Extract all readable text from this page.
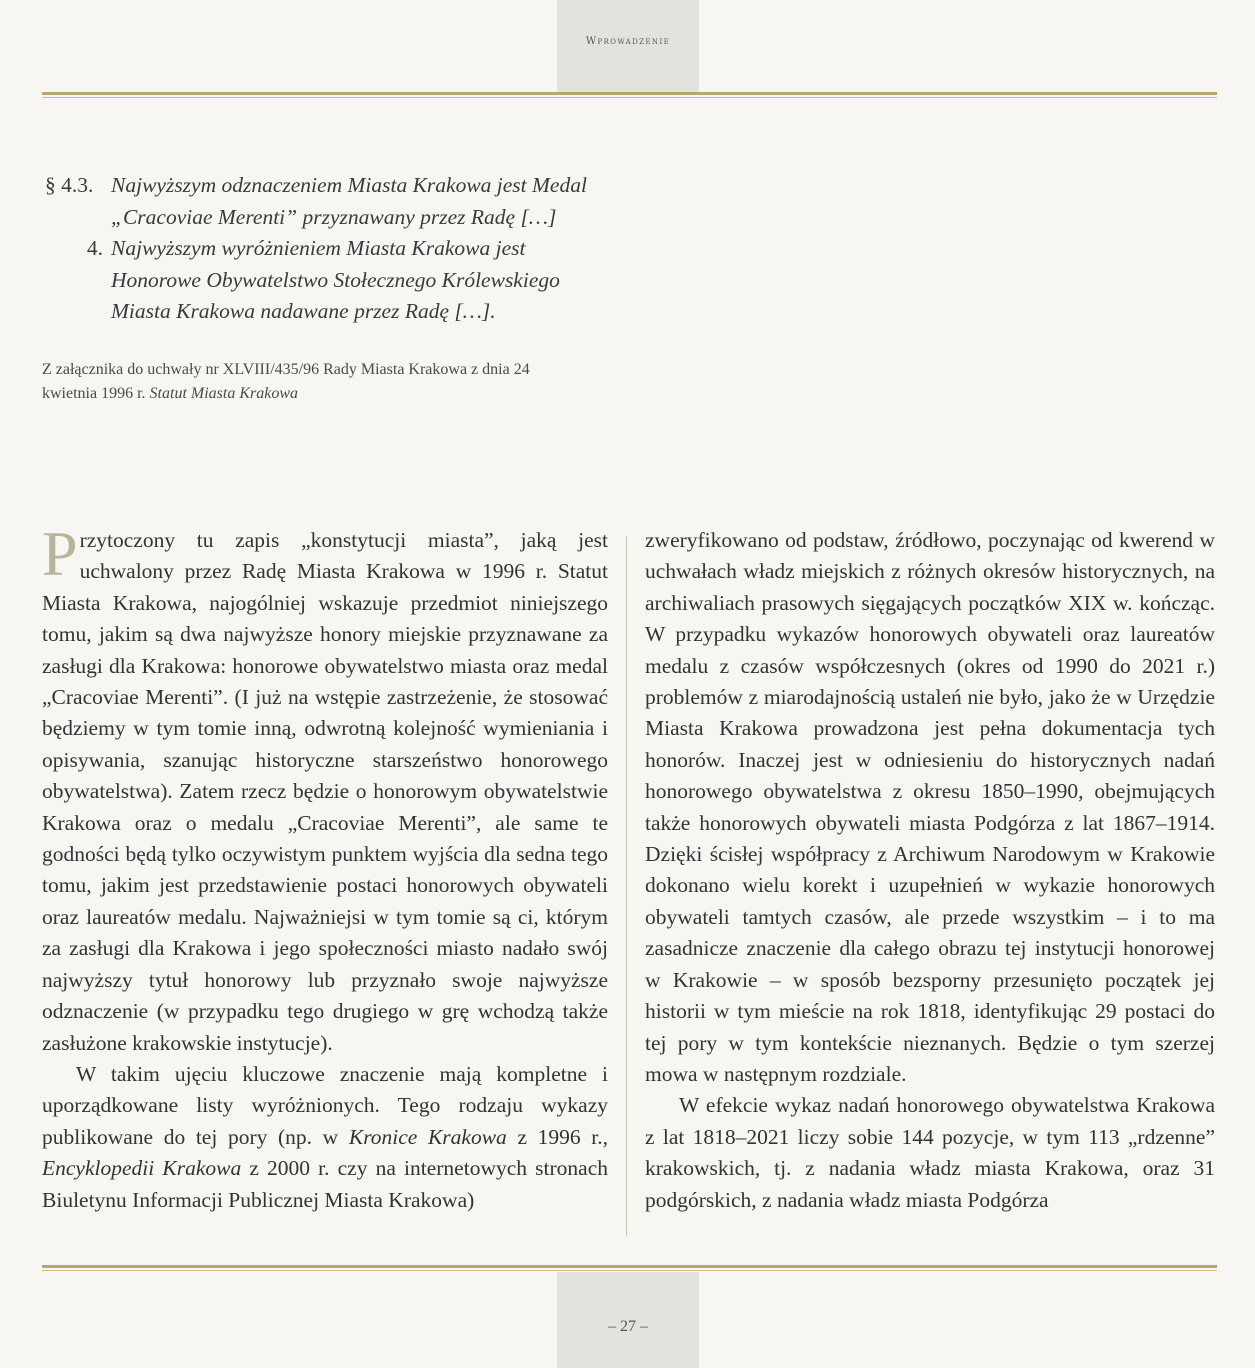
Wprowadzenie
§ 4.3. Najwyższym odznaczeniem Miasta Krakowa jest Medal „Cracoviae Merenti” przyznawany przez Radę […]
4. Najwyższym wyróżnieniem Miasta Krakowa jest Honorowe Obywatelstwo Stołecznego Królewskiego Miasta Krakowa nadawane przez Radę […].
Z załącznika do uchwały nr XLVIII/435/96 Rady Miasta Krakowa z dnia 24 kwietnia 1996 r. Statut Miasta Krakowa

Przytoczony tu zapis „konstytucji miasta”, jaką jest uchwalony przez Radę Miasta Krakowa w 1996 r. Statut Miasta Krakowa, najogólniej wskazuje przedmiot niniejszego tomu, jakim są dwa najwyższe honory miejskie przyznawane za zasługi dla Krakowa: honorowe obywatelstwo miasta oraz medal „Cracoviae Merenti”. (I już na wstępie zastrzeżenie, że stosować będziemy w tym tomie inną, odwrotną kolejność wymieniania i opisywania, szanując historyczne starszeństwo honorowego obywatelstwa). Zatem rzecz będzie o honorowym obywatelstwie Krakowa oraz o medalu „Cracoviae Merenti”, ale same te godności będą tylko oczywistym punktem wyjścia dla sedna tego tomu, jakim jest przedstawienie postaci honorowych obywateli oraz laureatów medalu. Najważniejsi w tym tomie są ci, którym za zasługi dla Krakowa i jego społeczności miasto nadało swój najwyższy tytuł honorowy lub przyznało swoje najwyższe odznaczenie (w przypadku tego drugiego w grę wchodzą także zasłużone krakowskie instytucje).

W takim ujęciu kluczowe znaczenie mają kompletne i uporządkowane listy wyróżnionych. Tego rodzaju wykazy publikowane do tej pory (np. w Kronice Krakowa z 1996 r., Encyklopedii Krakowa z 2000 r. czy na internetowych stronach Biuletynu Informacji Publicznej Miasta Krakowa)

zweryfikowano od podstaw, źródłowo, poczynając od kwerend w uchwałach władz miejskich z różnych okresów historycznych, na archiwaliach prasowych sięgających początków XIX w. kończąc. W przypadku wykazów honorowych obywateli oraz laureatów medalu z czasów współczesnych (okres od 1990 do 2021 r.) problemów z miarodajnością ustaleń nie było, jako że w Urzędzie Miasta Krakowa prowadzona jest pełna dokumentacja tych honorów. Inaczej jest w odniesieniu do historycznych nadań honorowego obywatelstwa z okresu 1850–1990, obejmujących także honorowych obywateli miasta Podgórza z lat 1867–1914. Dzięki ścisłej współpracy z Archiwum Narodowym w Krakowie dokonano wielu korekt i uzupełnień w wykazie honorowych obywateli tamtych czasów, ale przede wszystkim – i to ma zasadnicze znaczenie dla całego obrazu tej instytucji honorowej w Krakowie – w sposób bezsporny przesunięto początek jej historii w tym mieście na rok 1818, identyfikując 29 postaci do tej pory w tym kontekście nieznanych. Będzie o tym szerzej mowa w następnym rozdziale.

W efekcie wykaz nadań honorowego obywatelstwa Krakowa z lat 1818–2021 liczy sobie 144 pozycje, w tym 113 „rdzenne” krakowskich, tj. z nadania władz miasta Krakowa, oraz 31 podgórskich, z nadania władz miasta Podgórza

– 27 –
